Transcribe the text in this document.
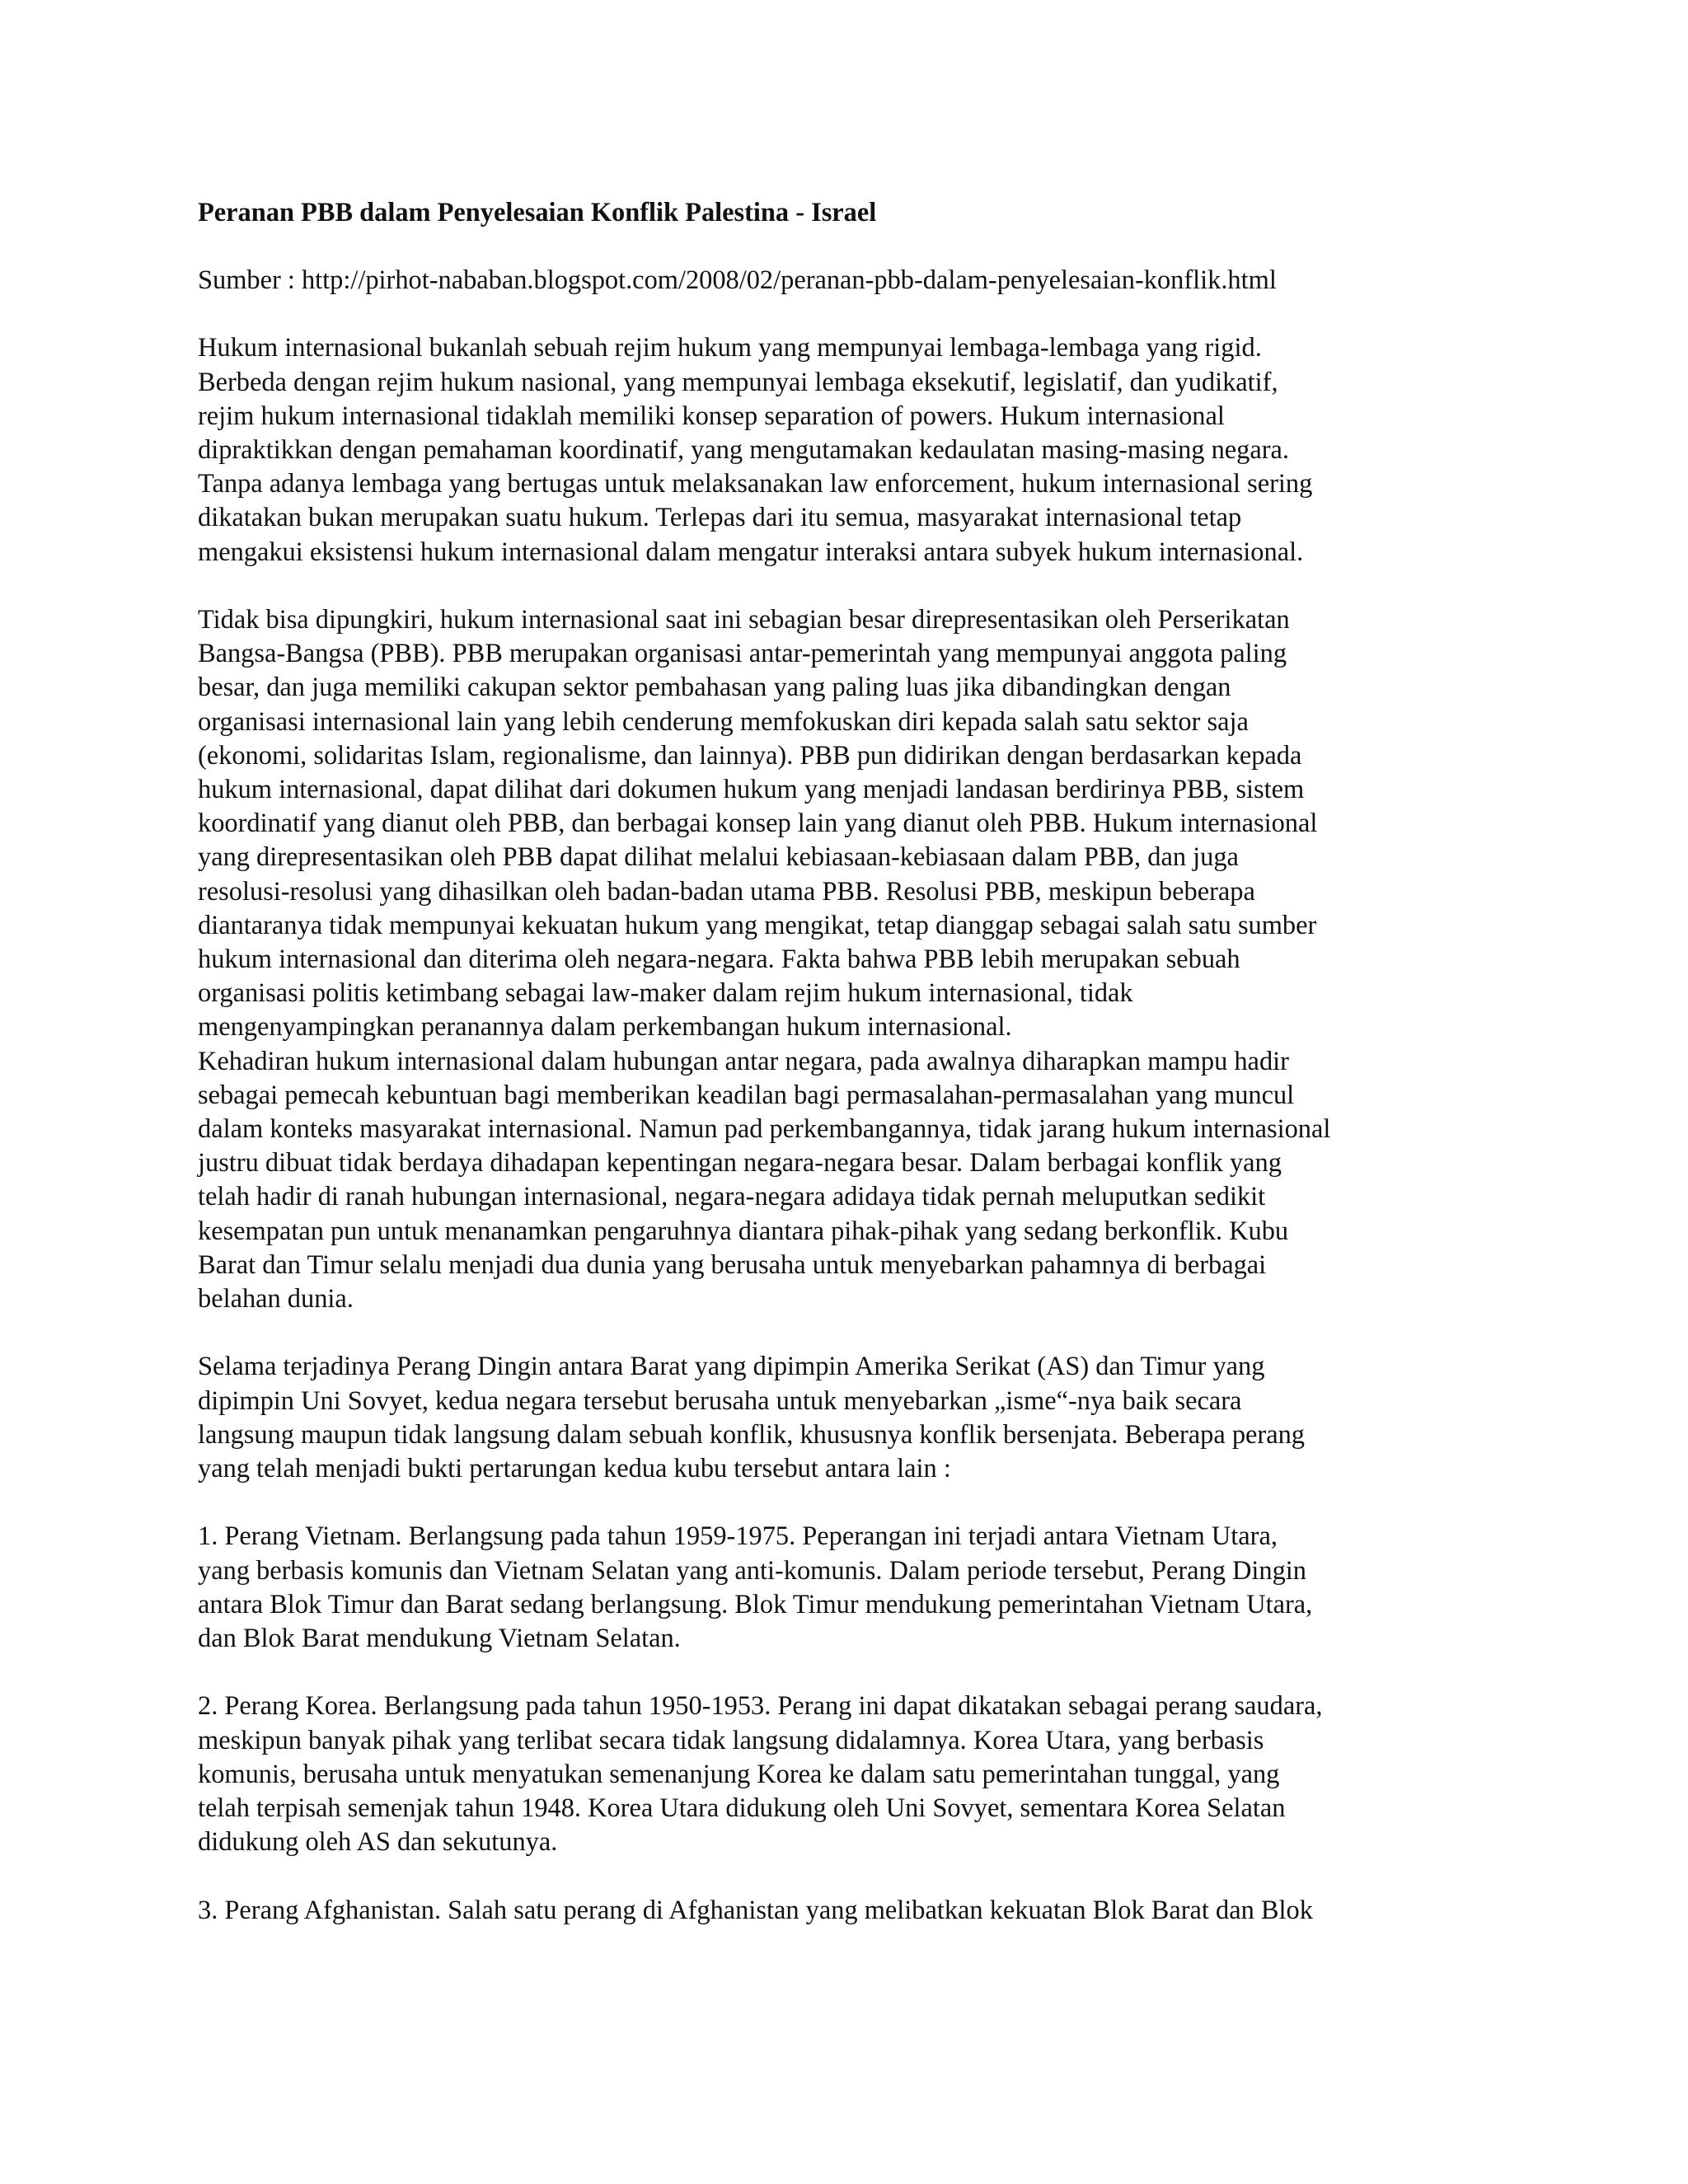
Peranan PBB dalam Penyelesaian Konflik Palestina - Israel
Sumber : http://pirhot-nababan.blogspot.com/2008/02/peranan-pbb-dalam-penyelesaian-konflik.html
Hukum internasional bukanlah sebuah rejim hukum yang mempunyai lembaga-lembaga yang rigid.
Berbeda dengan rejim hukum nasional, yang mempunyai lembaga eksekutif, legislatif, dan yudikatif,
rejim hukum internasional tidaklah memiliki konsep separation of powers. Hukum internasional
dipraktikkan dengan pemahaman koordinatif, yang mengutamakan kedaulatan masing-masing negara.
Tanpa adanya lembaga yang bertugas untuk melaksanakan law enforcement, hukum internasional sering
dikatakan bukan merupakan suatu hukum. Terlepas dari itu semua, masyarakat internasional tetap
mengakui eksistensi hukum internasional dalam mengatur interaksi antara subyek hukum internasional.
Tidak bisa dipungkiri, hukum internasional saat ini sebagian besar direpresentasikan oleh Perserikatan
Bangsa-Bangsa (PBB). PBB merupakan organisasi antar-pemerintah yang mempunyai anggota paling
besar, dan juga memiliki cakupan sektor pembahasan yang paling luas jika dibandingkan dengan
organisasi internasional lain yang lebih cenderung memfokuskan diri kepada salah satu sektor saja
(ekonomi, solidaritas Islam, regionalisme, dan lainnya). PBB pun didirikan dengan berdasarkan kepada
hukum internasional, dapat dilihat dari dokumen hukum yang menjadi landasan berdirinya PBB, sistem
koordinatif yang dianut oleh PBB, dan berbagai konsep lain yang dianut oleh PBB. Hukum internasional
yang direpresentasikan oleh PBB dapat dilihat melalui kebiasaan-kebiasaan dalam PBB, dan juga
resolusi-resolusi yang dihasilkan oleh badan-badan utama PBB. Resolusi PBB, meskipun beberapa
diantaranya tidak mempunyai kekuatan hukum yang mengikat, tetap dianggap sebagai salah satu sumber
hukum internasional dan diterima oleh negara-negara. Fakta bahwa PBB lebih merupakan sebuah
organisasi politis ketimbang sebagai law-maker dalam rejim hukum internasional, tidak
mengenyampingkan peranannya dalam perkembangan hukum internasional.
Kehadiran hukum internasional dalam hubungan antar negara, pada awalnya diharapkan mampu hadir
sebagai pemecah kebuntuan bagi memberikan keadilan bagi permasalahan-permasalahan yang muncul
dalam konteks masyarakat internasional. Namun pad perkembangannya, tidak jarang hukum internasional
justru dibuat tidak berdaya dihadapan kepentingan negara-negara besar. Dalam berbagai konflik yang
telah hadir di ranah hubungan internasional, negara-negara adidaya tidak pernah meluputkan sedikit
kesempatan pun untuk menanamkan pengaruhnya diantara pihak-pihak yang sedang berkonflik. Kubu
Barat dan Timur selalu menjadi dua dunia yang berusaha untuk menyebarkan pahamnya di berbagai
belahan dunia.
Selama terjadinya Perang Dingin antara Barat yang dipimpin Amerika Serikat (AS) dan Timur yang
dipimpin Uni Sovyet, kedua negara tersebut berusaha untuk menyebarkan „isme“-nya baik secara
langsung maupun tidak langsung dalam sebuah konflik, khususnya konflik bersenjata. Beberapa perang
yang telah menjadi bukti pertarungan kedua kubu tersebut antara lain :
1. Perang Vietnam. Berlangsung pada tahun 1959-1975. Peperangan ini terjadi antara Vietnam Utara,
yang berbasis komunis dan Vietnam Selatan yang anti-komunis. Dalam periode tersebut, Perang Dingin
antara Blok Timur dan Barat sedang berlangsung. Blok Timur mendukung pemerintahan Vietnam Utara,
dan Blok Barat mendukung Vietnam Selatan.
2. Perang Korea. Berlangsung pada tahun 1950-1953. Perang ini dapat dikatakan sebagai perang saudara,
meskipun banyak pihak yang terlibat secara tidak langsung didalamnya. Korea Utara, yang berbasis
komunis, berusaha untuk menyatukan semenanjung Korea ke dalam satu pemerintahan tunggal, yang
telah terpisah semenjak tahun 1948. Korea Utara didukung oleh Uni Sovyet, sementara Korea Selatan
didukung oleh AS dan sekutunya.
3. Perang Afghanistan. Salah satu perang di Afghanistan yang melibatkan kekuatan Blok Barat dan Blok
